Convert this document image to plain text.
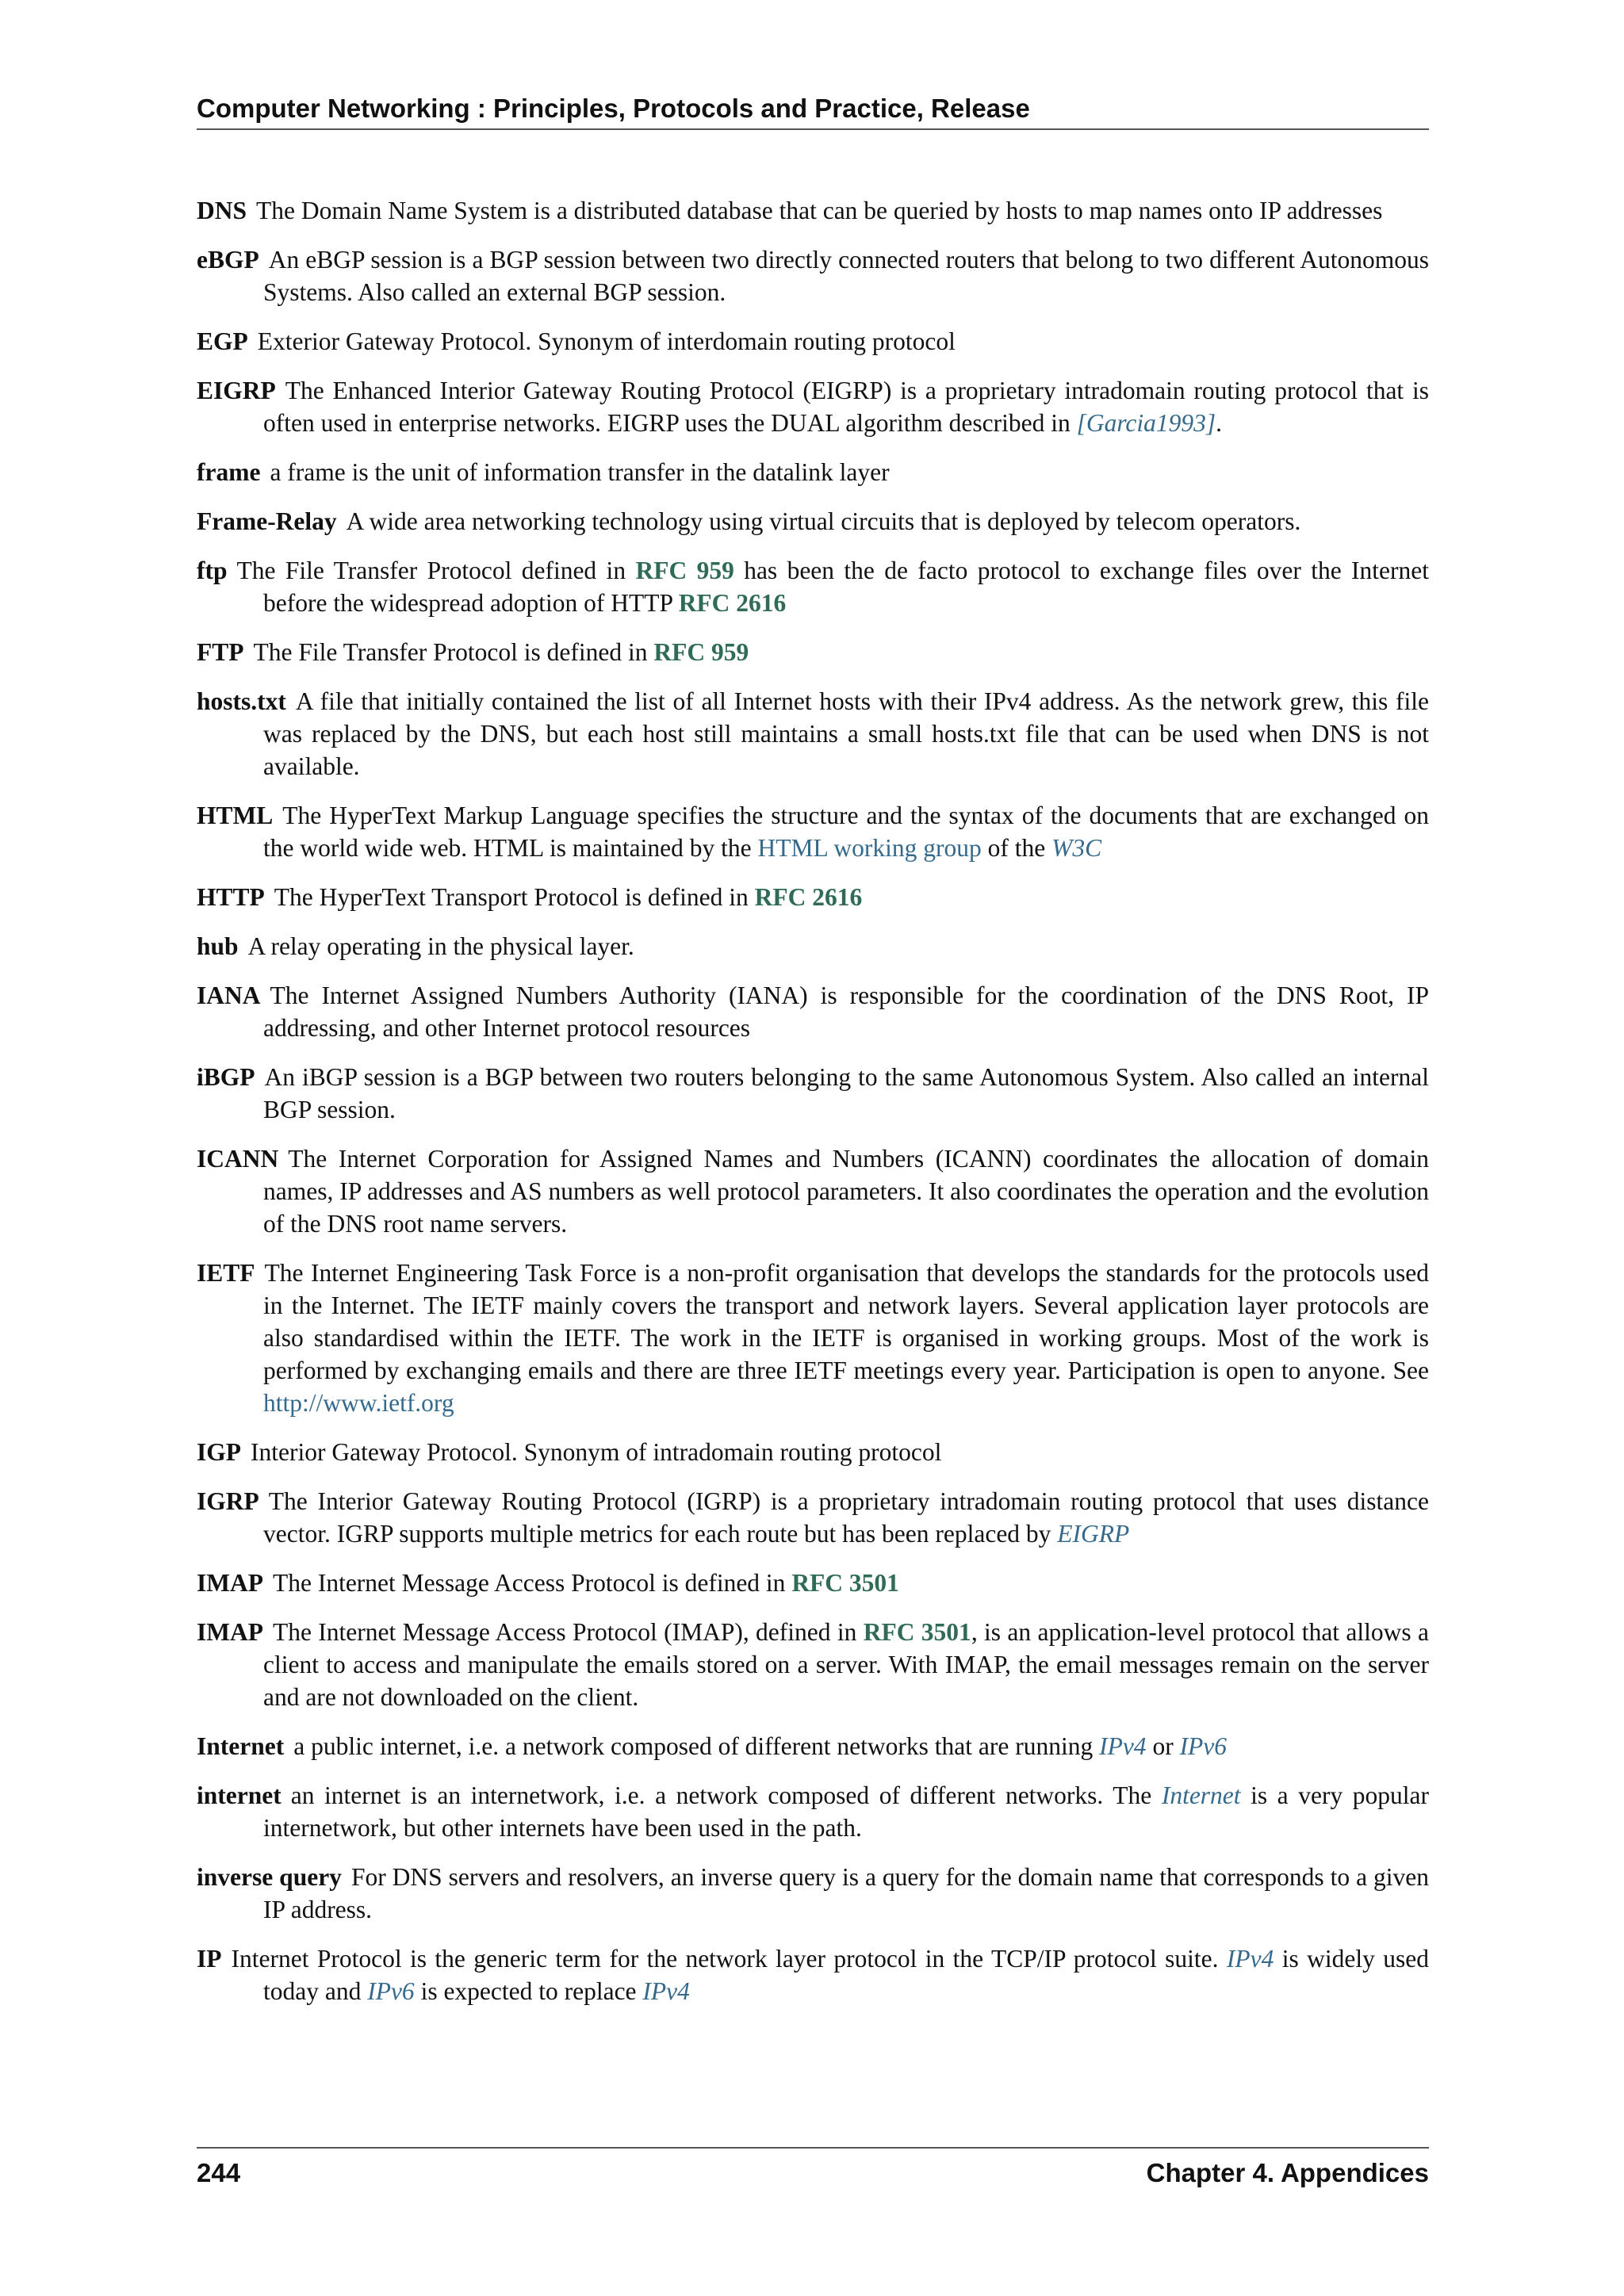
Computer Networking : Principles, Protocols and Practice, Release
DNS The Domain Name System is a distributed database that can be queried by hosts to map names onto IP addresses
eBGP An eBGP session is a BGP session between two directly connected routers that belong to two different Autonomous Systems. Also called an external BGP session.
EGP Exterior Gateway Protocol. Synonym of interdomain routing protocol
EIGRP The Enhanced Interior Gateway Routing Protocol (EIGRP) is a proprietary intradomain routing protocol that is often used in enterprise networks. EIGRP uses the DUAL algorithm described in [Garcia1993].
frame a frame is the unit of information transfer in the datalink layer
Frame-Relay A wide area networking technology using virtual circuits that is deployed by telecom operators.
ftp The File Transfer Protocol defined in RFC 959 has been the de facto protocol to exchange files over the Internet before the widespread adoption of HTTP RFC 2616
FTP The File Transfer Protocol is defined in RFC 959
hosts.txt A file that initially contained the list of all Internet hosts with their IPv4 address. As the network grew, this file was replaced by the DNS, but each host still maintains a small hosts.txt file that can be used when DNS is not available.
HTML The HyperText Markup Language specifies the structure and the syntax of the documents that are exchanged on the world wide web. HTML is maintained by the HTML working group of the W3C
HTTP The HyperText Transport Protocol is defined in RFC 2616
hub A relay operating in the physical layer.
IANA The Internet Assigned Numbers Authority (IANA) is responsible for the coordination of the DNS Root, IP addressing, and other Internet protocol resources
iBGP An iBGP session is a BGP between two routers belonging to the same Autonomous System. Also called an internal BGP session.
ICANN The Internet Corporation for Assigned Names and Numbers (ICANN) coordinates the allocation of domain names, IP addresses and AS numbers as well protocol parameters. It also coordinates the operation and the evolution of the DNS root name servers.
IETF The Internet Engineering Task Force is a non-profit organisation that develops the standards for the protocols used in the Internet. The IETF mainly covers the transport and network layers. Several application layer protocols are also standardised within the IETF. The work in the IETF is organised in working groups. Most of the work is performed by exchanging emails and there are three IETF meetings every year. Participation is open to anyone. See http://www.ietf.org
IGP Interior Gateway Protocol. Synonym of intradomain routing protocol
IGRP The Interior Gateway Routing Protocol (IGRP) is a proprietary intradomain routing protocol that uses distance vector. IGRP supports multiple metrics for each route but has been replaced by EIGRP
IMAP The Internet Message Access Protocol is defined in RFC 3501
IMAP The Internet Message Access Protocol (IMAP), defined in RFC 3501, is an application-level protocol that allows a client to access and manipulate the emails stored on a server. With IMAP, the email messages remain on the server and are not downloaded on the client.
Internet a public internet, i.e. a network composed of different networks that are running IPv4 or IPv6
internet an internet is an internetwork, i.e. a network composed of different networks. The Internet is a very popular internetwork, but other internets have been used in the path.
inverse query For DNS servers and resolvers, an inverse query is a query for the domain name that corresponds to a given IP address.
IP Internet Protocol is the generic term for the network layer protocol in the TCP/IP protocol suite. IPv4 is widely used today and IPv6 is expected to replace IPv4
244	Chapter 4. Appendices
